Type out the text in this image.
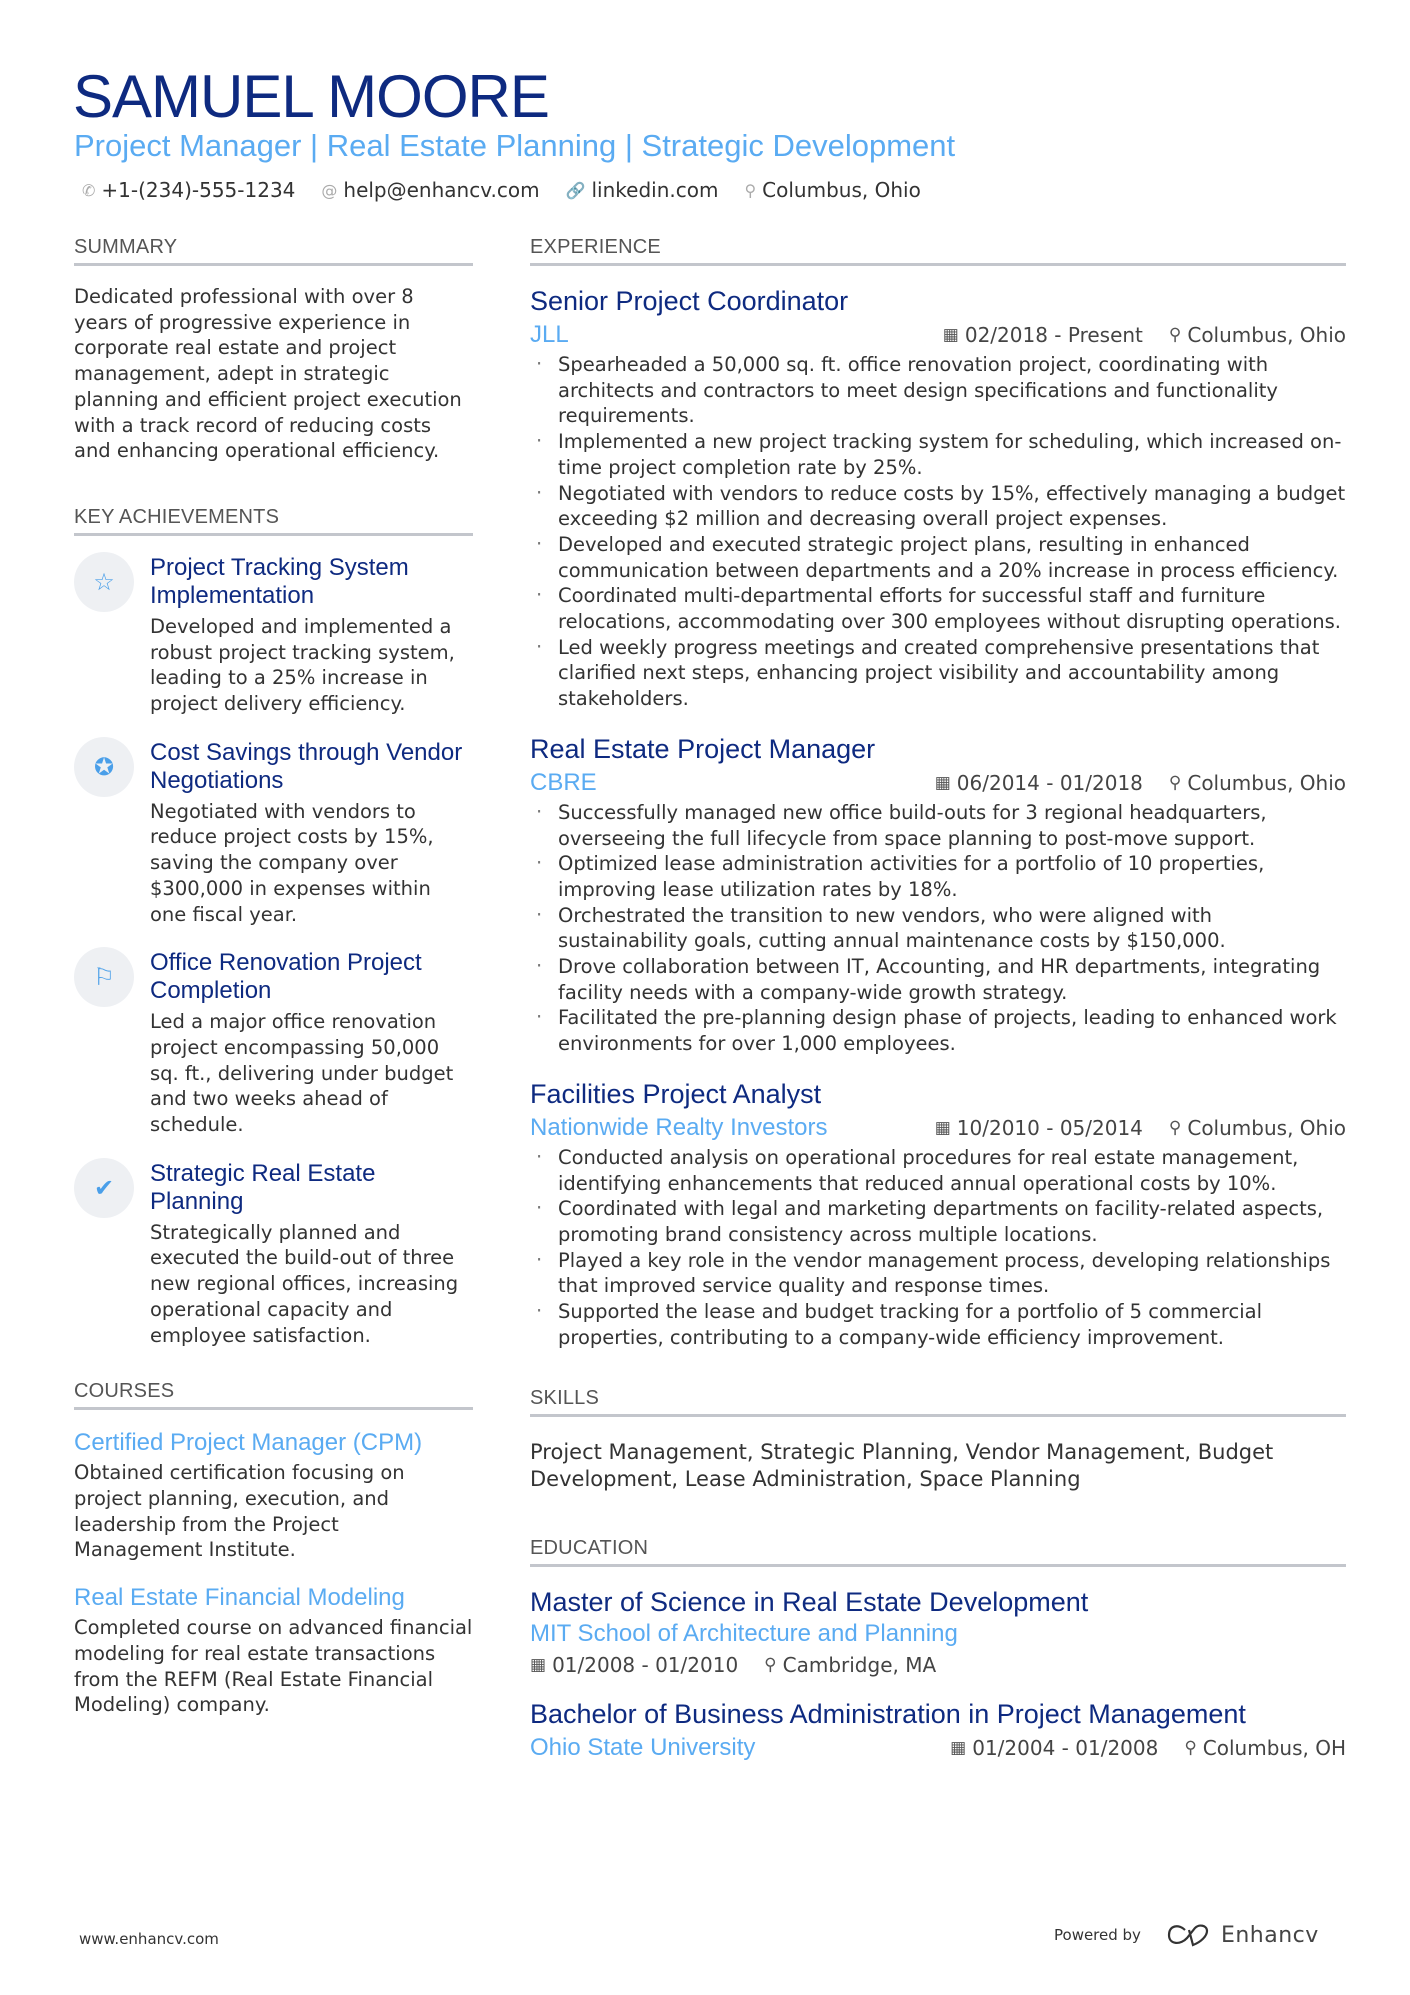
SAMUEL MOORE
Project Manager | Real Estate Planning | Strategic Development
✆ +1-(234)-555-1234 @ help@enhancv.com 🔗 linkedin.com ⚲ Columbus, Ohio
SUMMARY
Dedicated professional with over 8 years of progressive experience in corporate real estate and project management, adept in strategic planning and efficient project execution with a track record of reducing costs and enhancing operational efficiency.
KEY ACHIEVEMENTS
☆
Project Tracking System Implementation
Developed and implemented a robust project tracking system, leading to a 25% increase in project delivery efficiency.
✪
Cost Savings through Vendor Negotiations
Negotiated with vendors to reduce project costs by 15%, saving the company over $300,000 in expenses within one fiscal year.
⚐
Office Renovation Project Completion
Led a major office renovation project encompassing 50,000 sq. ft., delivering under budget and two weeks ahead of schedule.
✔
Strategic Real Estate Planning
Strategically planned and executed the build-out of three new regional offices, increasing operational capacity and employee satisfaction.
COURSES
Certified Project Manager (CPM)
Obtained certification focusing on project planning, execution, and leadership from the Project Management Institute.
Real Estate Financial Modeling
Completed course on advanced financial modeling for real estate transactions from the REFM (Real Estate Financial Modeling) company.
EXPERIENCE
Senior Project Coordinator
JLL	▦ 02/2018 - Present ⚲ Columbus, Ohio
· Spearheaded a 50,000 sq. ft. office renovation project, coordinating with architects and contractors to meet design specifications and functionality requirements.
· Implemented a new project tracking system for scheduling, which increased on-time project completion rate by 25%.
· Negotiated with vendors to reduce costs by 15%, effectively managing a budget exceeding $2 million and decreasing overall project expenses.
· Developed and executed strategic project plans, resulting in enhanced communication between departments and a 20% increase in process efficiency.
· Coordinated multi-departmental efforts for successful staff and furniture relocations, accommodating over 300 employees without disrupting operations.
· Led weekly progress meetings and created comprehensive presentations that clarified next steps, enhancing project visibility and accountability among stakeholders.
Real Estate Project Manager
CBRE	▦ 06/2014 - 01/2018 ⚲ Columbus, Ohio
· Successfully managed new office build-outs for 3 regional headquarters, overseeing the full lifecycle from space planning to post-move support.
· Optimized lease administration activities for a portfolio of 10 properties, improving lease utilization rates by 18%.
· Orchestrated the transition to new vendors, who were aligned with sustainability goals, cutting annual maintenance costs by $150,000.
· Drove collaboration between IT, Accounting, and HR departments, integrating facility needs with a company-wide growth strategy.
· Facilitated the pre-planning design phase of projects, leading to enhanced work environments for over 1,000 employees.
Facilities Project Analyst
Nationwide Realty Investors	▦ 10/2010 - 05/2014 ⚲ Columbus, Ohio
· Conducted analysis on operational procedures for real estate management, identifying enhancements that reduced annual operational costs by 10%.
· Coordinated with legal and marketing departments on facility-related aspects, promoting brand consistency across multiple locations.
· Played a key role in the vendor management process, developing relationships that improved service quality and response times.
· Supported the lease and budget tracking for a portfolio of 5 commercial properties, contributing to a company-wide efficiency improvement.
SKILLS
Project Management, Strategic Planning, Vendor Management, Budget Development, Lease Administration, Space Planning
EDUCATION
Master of Science in Real Estate Development
MIT School of Architecture and Planning
▦ 01/2008 - 01/2010 ⚲ Cambridge, MA
Bachelor of Business Administration in Project Management
Ohio State University	▦ 01/2004 - 01/2008 ⚲ Columbus, OH
www.enhancv.com	Powered by	Enhancv
